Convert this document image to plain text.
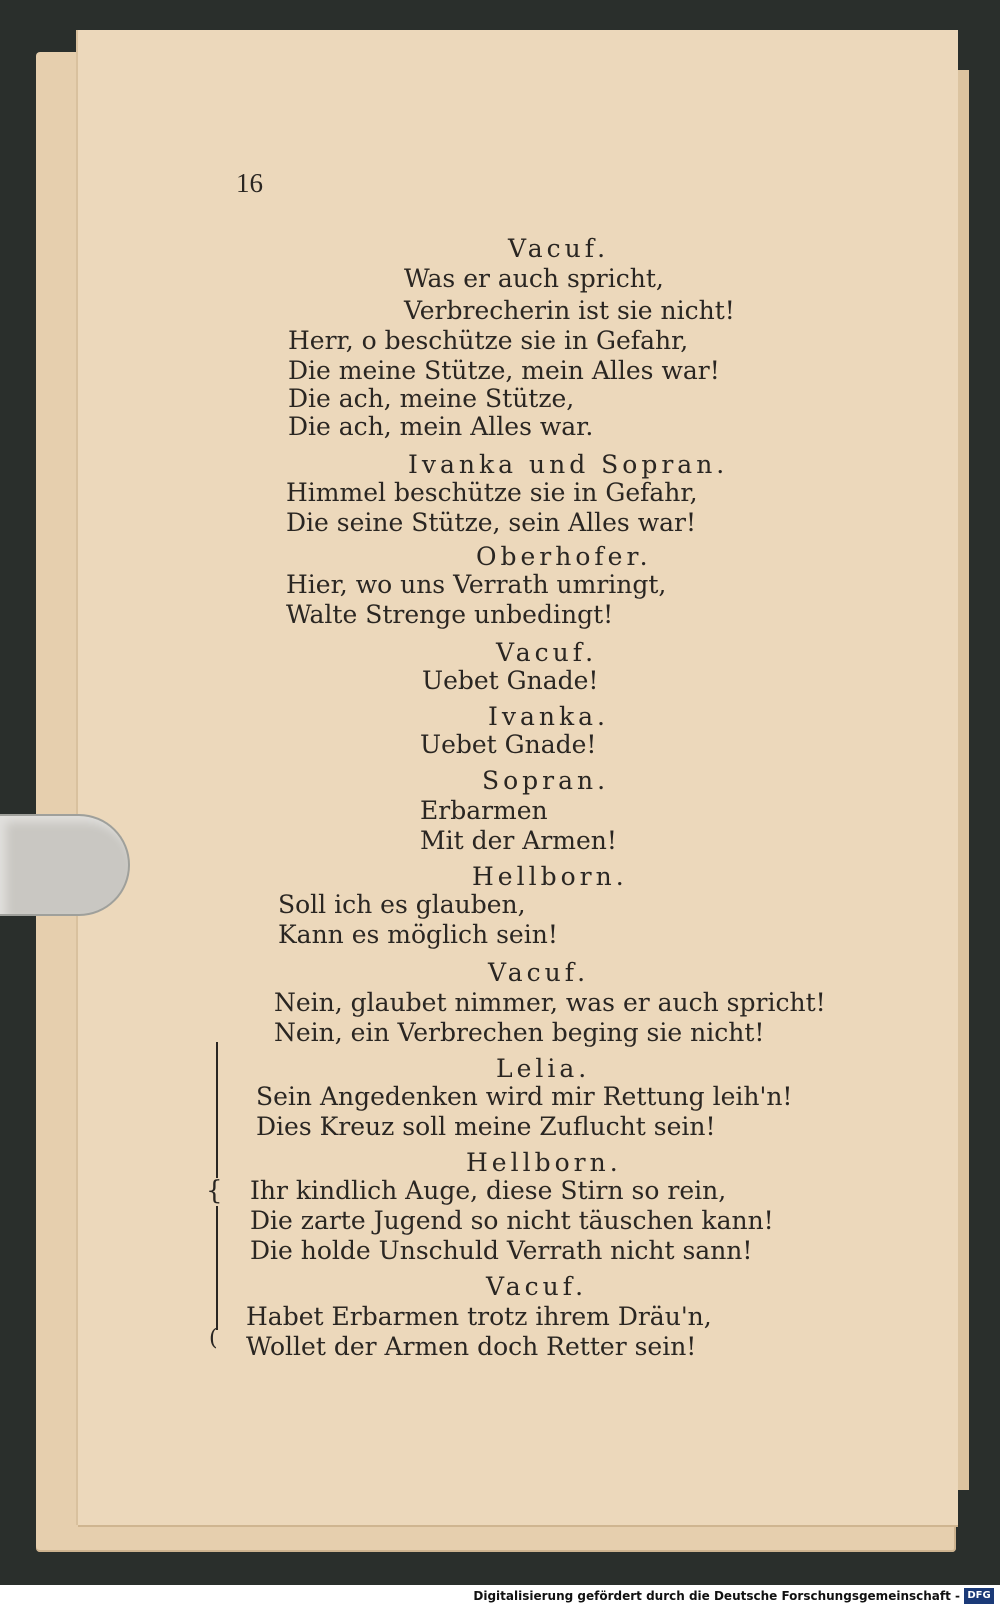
16
Vacuf.
Was er auch spricht,
Verbrecherin ist sie nicht!
Herr, o beschütze sie in Gefahr,
Die meine Stütze, mein Alles war!
Die ach, meine Stütze,
Die ach, mein Alles war.
Ivanka und Sopran.
Himmel beschütze sie in Gefahr,
Die seine Stütze, sein Alles war!
Oberhofer.
Hier, wo uns Verrath umringt,
Walte Strenge unbedingt!
Vacuf.
Uebet Gnade!
Ivanka.
Uebet Gnade!
Sopran.
Erbarmen
Mit der Armen!
Hellborn.
Soll ich es glauben,
Kann es möglich sein!
Vacuf.
Nein, glaubet nimmer, was er auch spricht!
Nein, ein Verbrechen beging sie nicht!
{
(
Lelia.
Sein Angedenken wird mir Rettung leih'n!
Dies Kreuz soll meine Zuflucht sein!
Hellborn.
Ihr kindlich Auge, diese Stirn so rein,
Die zarte Jugend so nicht täuschen kann!
Die holde Unschuld Verrath nicht sann!
Vacuf.
Habet Erbarmen trotz ihrem Dräu'n,
Wollet der Armen doch Retter sein!
Digitalisierung gefördert durch die Deutsche Forschungsgemeinschaft - DFG
